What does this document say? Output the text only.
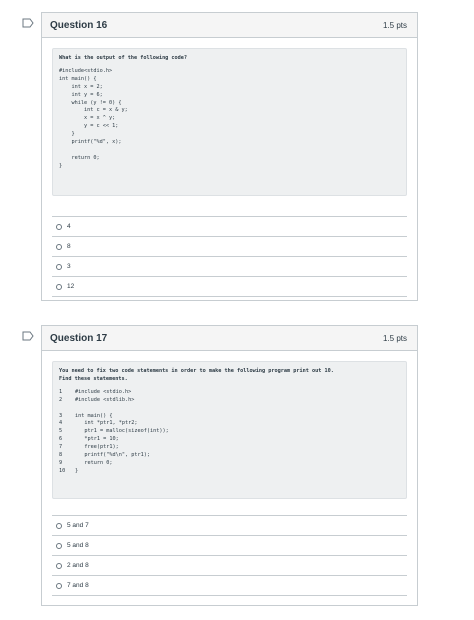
Question 16	1.5 pts
What is the output of the following code?
#include<stdio.h>
int main() {
int x = 2;
int y = 6;
while (y != 0) {
int c = x & y;
x = x ^ y;
y = c << 1;
}
printf("%d", x);

return 0;
}
4
8
3
12
Question 17	1.5 pts
You need to fix two code statements in order to make the following program print out 10.
Find these statements.
1 #include <stdio.h>
2 #include <stdlib.h>

3 int main() {
4   int *ptr1, *ptr2;
5   ptr1 = malloc(sizeof(int));
6   *ptr1 = 10;
7   free(ptr1);
8   printf("%d\n", ptr1);
9   return 0;
10 }
5 and 7
5 and 8
2 and 8
7 and 8
